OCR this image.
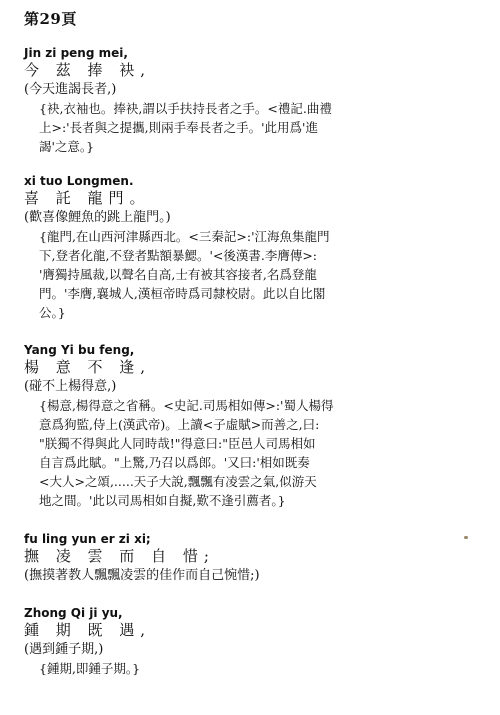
第29頁

Jin zi peng mei,

今 茲 捧 袂,

(今天進謁長者,)

{袂,衣袖也。捧袂,謂以手扶持長者之手。<禮記.曲禮
上>:'長者與之提攜,則兩手奉長者之手。'此用爲'進
謁'之意。}

xi tuo Longmen.

喜 託 龍門。

(歡喜像鯉魚的跳上龍門。)

{龍門,在山西河津縣西北。<三秦記>:'江海魚集龍門
下,登者化龍,不登者點額暴鰓。'<後漢書.李膺傳>:
'膺獨持風裁,以聲名自高,士有被其容接者,名爲登龍
門。'李膺,襄城人,漢桓帝時爲司隸校尉。此以自比閣
公。}

Yang Yi bu feng,

楊 意 不 逢,

(碰不上楊得意,)

{楊意,楊得意之省稱。<史記.司馬相如傳>:'蜀人楊得
意爲狗監,侍上(漢武帝)。上讀<子虛賦>而善之,曰:
"朕獨不得與此人同時哉!"得意曰:"臣邑人司馬相如
自言爲此賦。"上驚,乃召以爲郎。'又曰:'相如既奏
<大人>之頌,.....天子大說,飄飄有凌雲之氣,似游天
地之間。'此以司馬相如自擬,歎不逢引薦者。}

fu ling yun er zi xi;

撫 凌 雲 而 自 惜;

(撫摸著教人飄飄凌雲的佳作而自己惋惜;)

Zhong Qi ji yu,

鍾 期 既 遇,

(遇到鍾子期,)

{鍾期,即鍾子期。}
